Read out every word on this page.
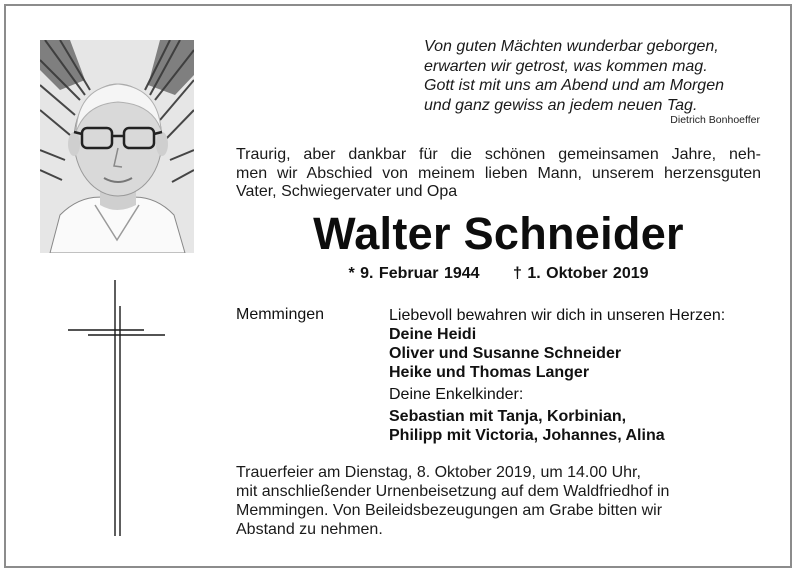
Von guten Mächten wunderbar geborgen,
erwarten wir getrost, was kommen mag.
Gott ist mit uns am Abend und am Morgen
und ganz gewiss an jedem neuen Tag.
Dietrich Bonhoeffer
Traurig, aber dankbar für die schönen gemeinsamen Jahre, neh-
men wir Abschied von meinem lieben Mann, unserem herzensguten
Vater, Schwiegervater und Opa
Walter Schneider
* 9. Februar 1944 † 1. Oktober 2019
Memmingen	Liebevoll bewahren wir dich in unseren Herzen:
Deine Heidi
Oliver und Susanne Schneider
Heike und Thomas Langer
Deine Enkelkinder:
Sebastian mit Tanja, Korbinian,
Philipp mit Victoria, Johannes, Alina
Trauerfeier am Dienstag, 8. Oktober 2019, um 14.00 Uhr,
mit anschließender Urnenbeisetzung auf dem Waldfriedhof in
Memmingen. Von Beileidsbezeugungen am Grabe bitten wir
Abstand zu nehmen.
